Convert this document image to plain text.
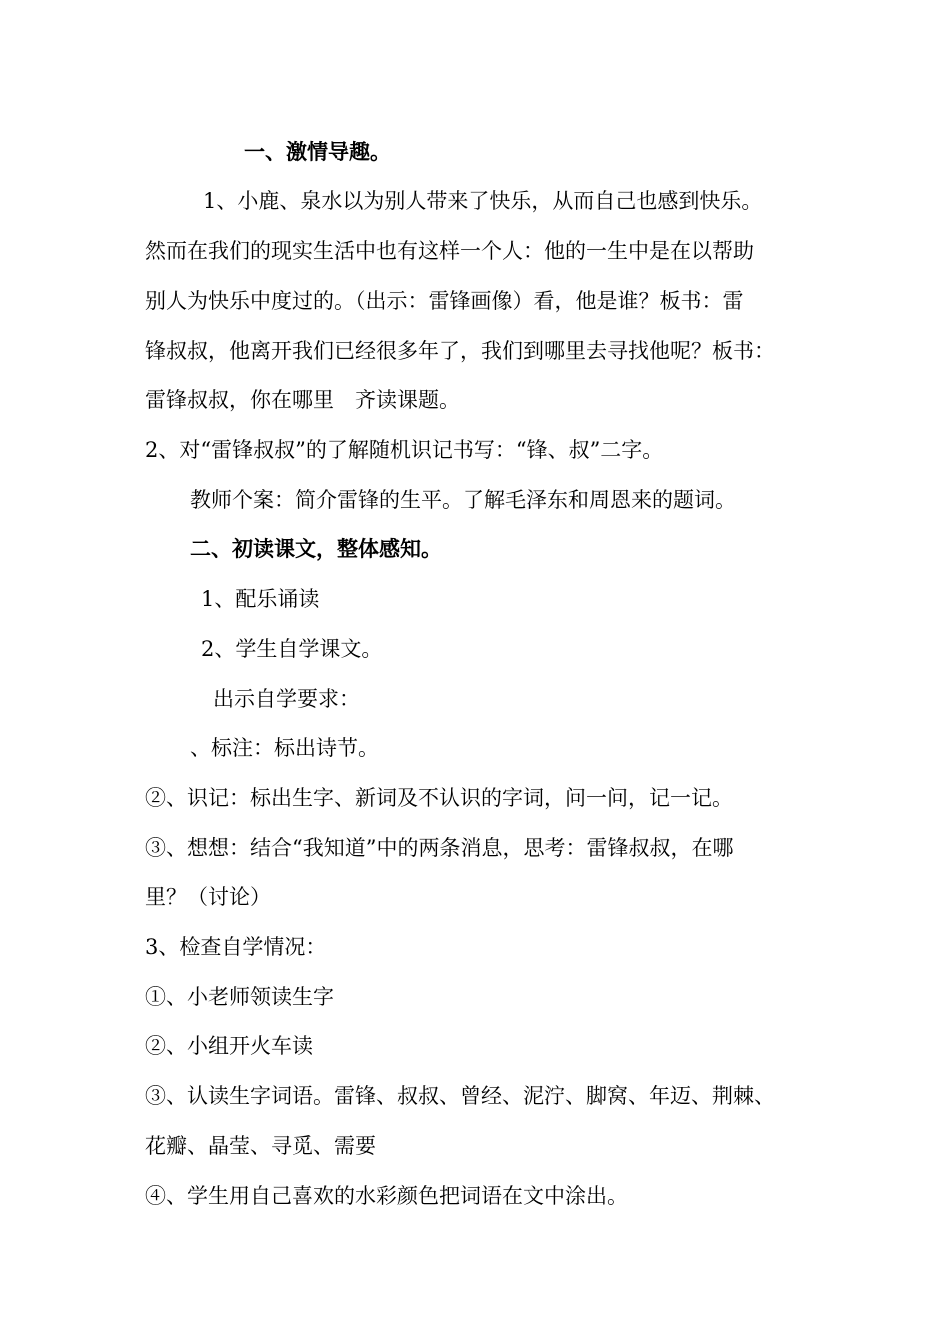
一、激情导趣。
1、小鹿、泉水以为别人带来了快乐，从而自己也感到快乐。
然而在我们的现实生活中也有这样一个人：他的一生中是在以帮助
别人为快乐中度过的。（出示：雷锋画像）看，他是谁？板书：雷
锋叔叔，他离开我们已经很多年了，我们到哪里去寻找他呢？板书：
雷锋叔叔，你在哪里　齐读课题。
2、对“雷锋叔叔”的了解随机识记书写：“锋、叔”二字。
教师个案：简介雷锋的生平。了解毛泽东和周恩来的题词。
二、初读课文，整体感知。
1、配乐诵读
2、学生自学课文。
出示自学要求：
、标注：标出诗节。
②、识记：标出生字、新词及不认识的字词，问一问，记一记。
③、想想：结合“我知道”中的两条消息，思考：雷锋叔叔，在哪
里？（讨论）
3、检查自学情况：
①、小老师领读生字
②、小组开火车读
③、认读生字词语。雷锋、叔叔、曾经、泥泞、脚窝、年迈、荆棘、
花瓣、晶莹、寻觅、需要
④、学生用自己喜欢的水彩颜色把词语在文中涂出。
